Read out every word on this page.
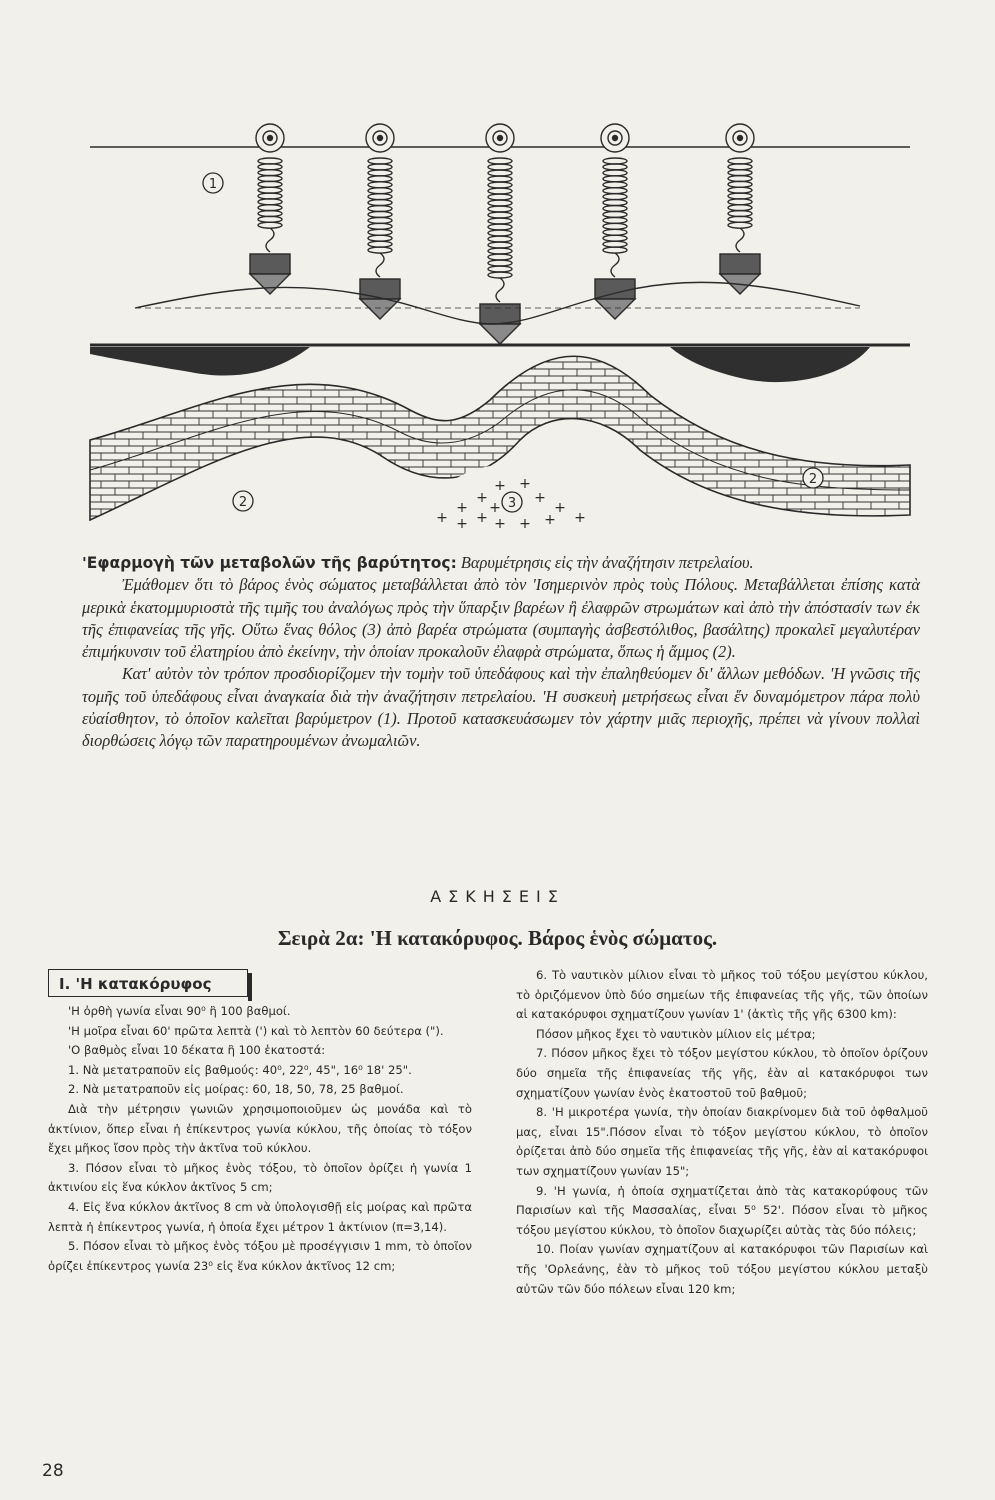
1
+
+
+
+ +
+ +
+
+
+
+
+ +
+ 3
2
2

'Εφαρμογὴ τῶν μεταβολῶν τῆς βαρύτητος: Βαρυμέτρησις εἰς τὴν ἀναζήτησιν πετρελαίου.

Ἐμάθομεν ὅτι τὸ βάρος ἑνὸς σώματος μεταβάλλεται ἀπὸ τὸν 'Ισημερινὸν πρὸς τοὺς Πόλους. Μεταβάλλεται ἐπίσης κατὰ μερικὰ ἑκατομμυριοστὰ τῆς τιμῆς του ἀναλόγως πρὸς τὴν ὕπαρξιν βαρέων ἢ ἐλαφρῶν στρωμάτων καὶ ἀπὸ τὴν ἀπόστασίν των ἐκ τῆς ἐπιφανείας τῆς γῆς. Οὕτω ἕνας θόλος (3) ἀπὸ βαρέα στρώματα (συμπαγὴς ἀσβεστόλιθος, βασάλτης) προκαλεῖ μεγαλυτέραν ἐπιμήκυνσιν τοῦ ἐλατηρίου ἀπὸ ἐκείνην, τὴν ὁποίαν προκαλοῦν ἐλαφρὰ στρώματα, ὅπως ἡ ἄμμος (2).

Κατ' αὐτὸν τὸν τρόπον προσδιορίζομεν τὴν τομὴν τοῦ ὑπεδάφους καὶ τὴν ἐπαληθεύομεν δι' ἄλλων μεθόδων. 'Η γνῶσις τῆς τομῆς τοῦ ὑπεδάφους εἶναι ἀναγκαία διὰ τὴν ἀναζήτησιν πετρελαίου. 'Η συσκευὴ μετρήσεως εἶναι ἕν δυναμόμετρον πάρα πολὺ εὐαίσθητον, τὸ ὁποῖον καλεῖται βαρύμετρον (1). Προτοῦ κατασκευάσωμεν τὸν χάρτην μιᾶς περιοχῆς, πρέπει νὰ γίνουν πολλαὶ διορθώσεις λόγῳ τῶν παρατηρουμένων ἀνωμαλιῶν.

ΑΣΚΗΣΕΙΣ
Σειρὰ 2α: 'Η κατακόρυφος. Βάρος ἑνὸς σώματος.
Ι. 'Η κατακόρυφος

'Η ὀρθὴ γωνία εἶναι 90⁰ ἢ 100 βαθμοί.

'Η μοῖρα εἶναι 60' πρῶτα λεπτὰ (') καὶ τὸ λεπτὸν 60 δεύτερα (").

'Ο βαθμὸς εἶναι 10 δέκατα ἢ 100 ἑκατοστά:

1. Νὰ μετατραποῦν εἰς βαθμούς: 40⁰, 22⁰, 45", 16⁰ 18' 25".

2. Νὰ μετατραποῦν εἰς μοίρας: 60, 18, 50, 78, 25 βαθμοί.

Διὰ τὴν μέτρησιν γωνιῶν χρησιμοποιοῦμεν ὡς μονάδα καὶ τὸ ἀκτίνιον, ὅπερ εἶναι ἡ ἐπίκεντρος γωνία κύκλου, τῆς ὁποίας τὸ τόξον ἔχει μῆκος ἴσον πρὸς τὴν ἀκτῖνα τοῦ κύκλου.

3. Πόσον εἶναι τὸ μῆκος ἑνὸς τόξου, τὸ ὁποῖον ὁρίζει ἡ γωνία 1 ἀκτινίου εἰς ἕνα κύκλον ἀκτῖνος 5 cm;

4. Εἰς ἕνα κύκλον ἀκτῖνος 8 cm νὰ ὑπολογισθῇ εἰς μοίρας καὶ πρῶτα λεπτὰ ἡ ἐπίκεντρος γωνία, ἡ ὁποία ἔχει μέτρον 1 ἀκτίνιον (π=3,14).

5. Πόσον εἶναι τὸ μῆκος ἑνὸς τόξου μὲ προσέγγισιν 1 mm, τὸ ὁποῖον ὁρίζει ἐπίκεντρος γωνία 23⁰ εἰς ἕνα κύκλον ἀκτῖνος 12 cm;

6. Τὸ ναυτικὸν μίλιον εἶναι τὸ μῆκος τοῦ τόξου μεγίστου κύκλου, τὸ ὁριζόμενον ὑπὸ δύο σημείων τῆς ἐπιφανείας τῆς γῆς, τῶν ὁποίων αἱ κατακόρυφοι σχηματίζουν γωνίαν 1' (ἀκτὶς τῆς γῆς 6300 km):

Πόσον μῆκος ἔχει τὸ ναυτικὸν μίλιον εἰς μέτρα;

7. Πόσον μῆκος ἔχει τὸ τόξον μεγίστου κύκλου, τὸ ὁποῖον ὁρίζουν δύο σημεῖα τῆς ἐπιφανείας τῆς γῆς, ἐὰν αἱ κατακόρυφοι των σχηματίζουν γωνίαν ἑνὸς ἑκατοστοῦ τοῦ βαθμοῦ;

8. 'Η μικροτέρα γωνία, τὴν ὁποίαν διακρίνομεν διὰ τοῦ ὀφθαλμοῦ μας, εἶναι 15".Πόσον εἶναι τὸ τόξον μεγίστου κύκλου, τὸ ὁποῖον ὁρίζεται ἀπὸ δύο σημεῖα τῆς ἐπιφανείας τῆς γῆς, ἐὰν αἱ κατακόρυφοι των σχηματίζουν γωνίαν 15";

9. 'Η γωνία, ἡ ὁποία σχηματίζεται ἀπὸ τὰς κατακορύφους τῶν Παρισίων καὶ τῆς Μασσαλίας, εἶναι 5⁰ 52'. Πόσον εἶναι τὸ μῆκος τόξου μεγίστου κύκλου, τὸ ὁποῖον διαχωρίζει αὐτὰς τὰς δύο πόλεις;

10. Ποίαν γωνίαν σχηματίζουν αἱ κατακόρυφοι τῶν Παρισίων καὶ τῆς 'Ορλεάνης, ἐὰν τὸ μῆκος τοῦ τόξου μεγίστου κύκλου μεταξὺ αὐτῶν τῶν δύο πόλεων εἶναι 120 km;

28
